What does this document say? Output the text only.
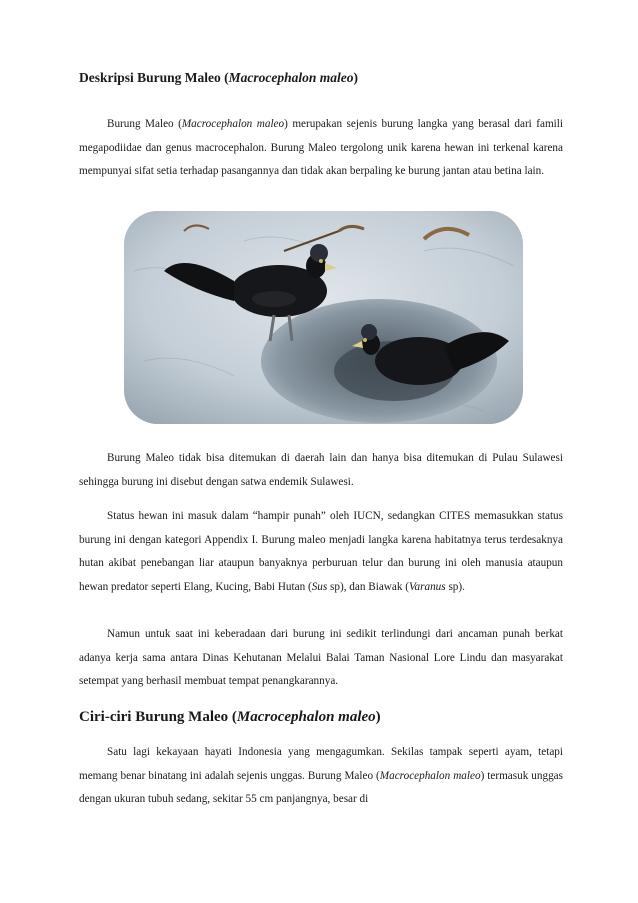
Deskripsi Burung Maleo (Macrocephalon maleo)

Burung Maleo (Macrocephalon maleo) merupakan sejenis burung langka yang berasal dari famili megapodiidae dan genus macrocephalon. Burung Maleo tergolong unik karena hewan ini terkenal karena mempunyai sifat setia terhadap pasangannya dan tidak akan berpaling ke burung jantan atau betina lain.

Burung Maleo tidak bisa ditemukan di daerah lain dan hanya bisa ditemukan di Pulau Sulawesi sehingga burung ini disebut dengan satwa endemik Sulawesi.

Status hewan ini masuk dalam “hampir punah” oleh IUCN, sedangkan CITES memasukkan status burung ini dengan kategori Appendix I. Burung maleo menjadi langka karena habitatnya terus terdesaknya hutan akibat penebangan liar ataupun banyaknya perburuan telur dan burung ini oleh manusia ataupun hewan predator seperti Elang, Kucing, Babi Hutan (Sus sp), dan Biawak (Varanus sp).

Namun untuk saat ini keberadaan dari burung ini sedikit terlindungi dari ancaman punah berkat adanya kerja sama antara Dinas Kehutanan Melalui Balai Taman Nasional Lore Lindu dan masyarakat setempat yang berhasil membuat tempat penangkarannya.

Ciri-ciri Burung Maleo (Macrocephalon maleo)

Satu lagi kekayaan hayati Indonesia yang mengagumkan. Sekilas tampak seperti ayam, tetapi memang benar binatang ini adalah sejenis unggas. Burung Maleo (Macrocephalon maleo) termasuk unggas dengan ukuran tubuh sedang, sekitar 55 cm panjangnya, besar di
